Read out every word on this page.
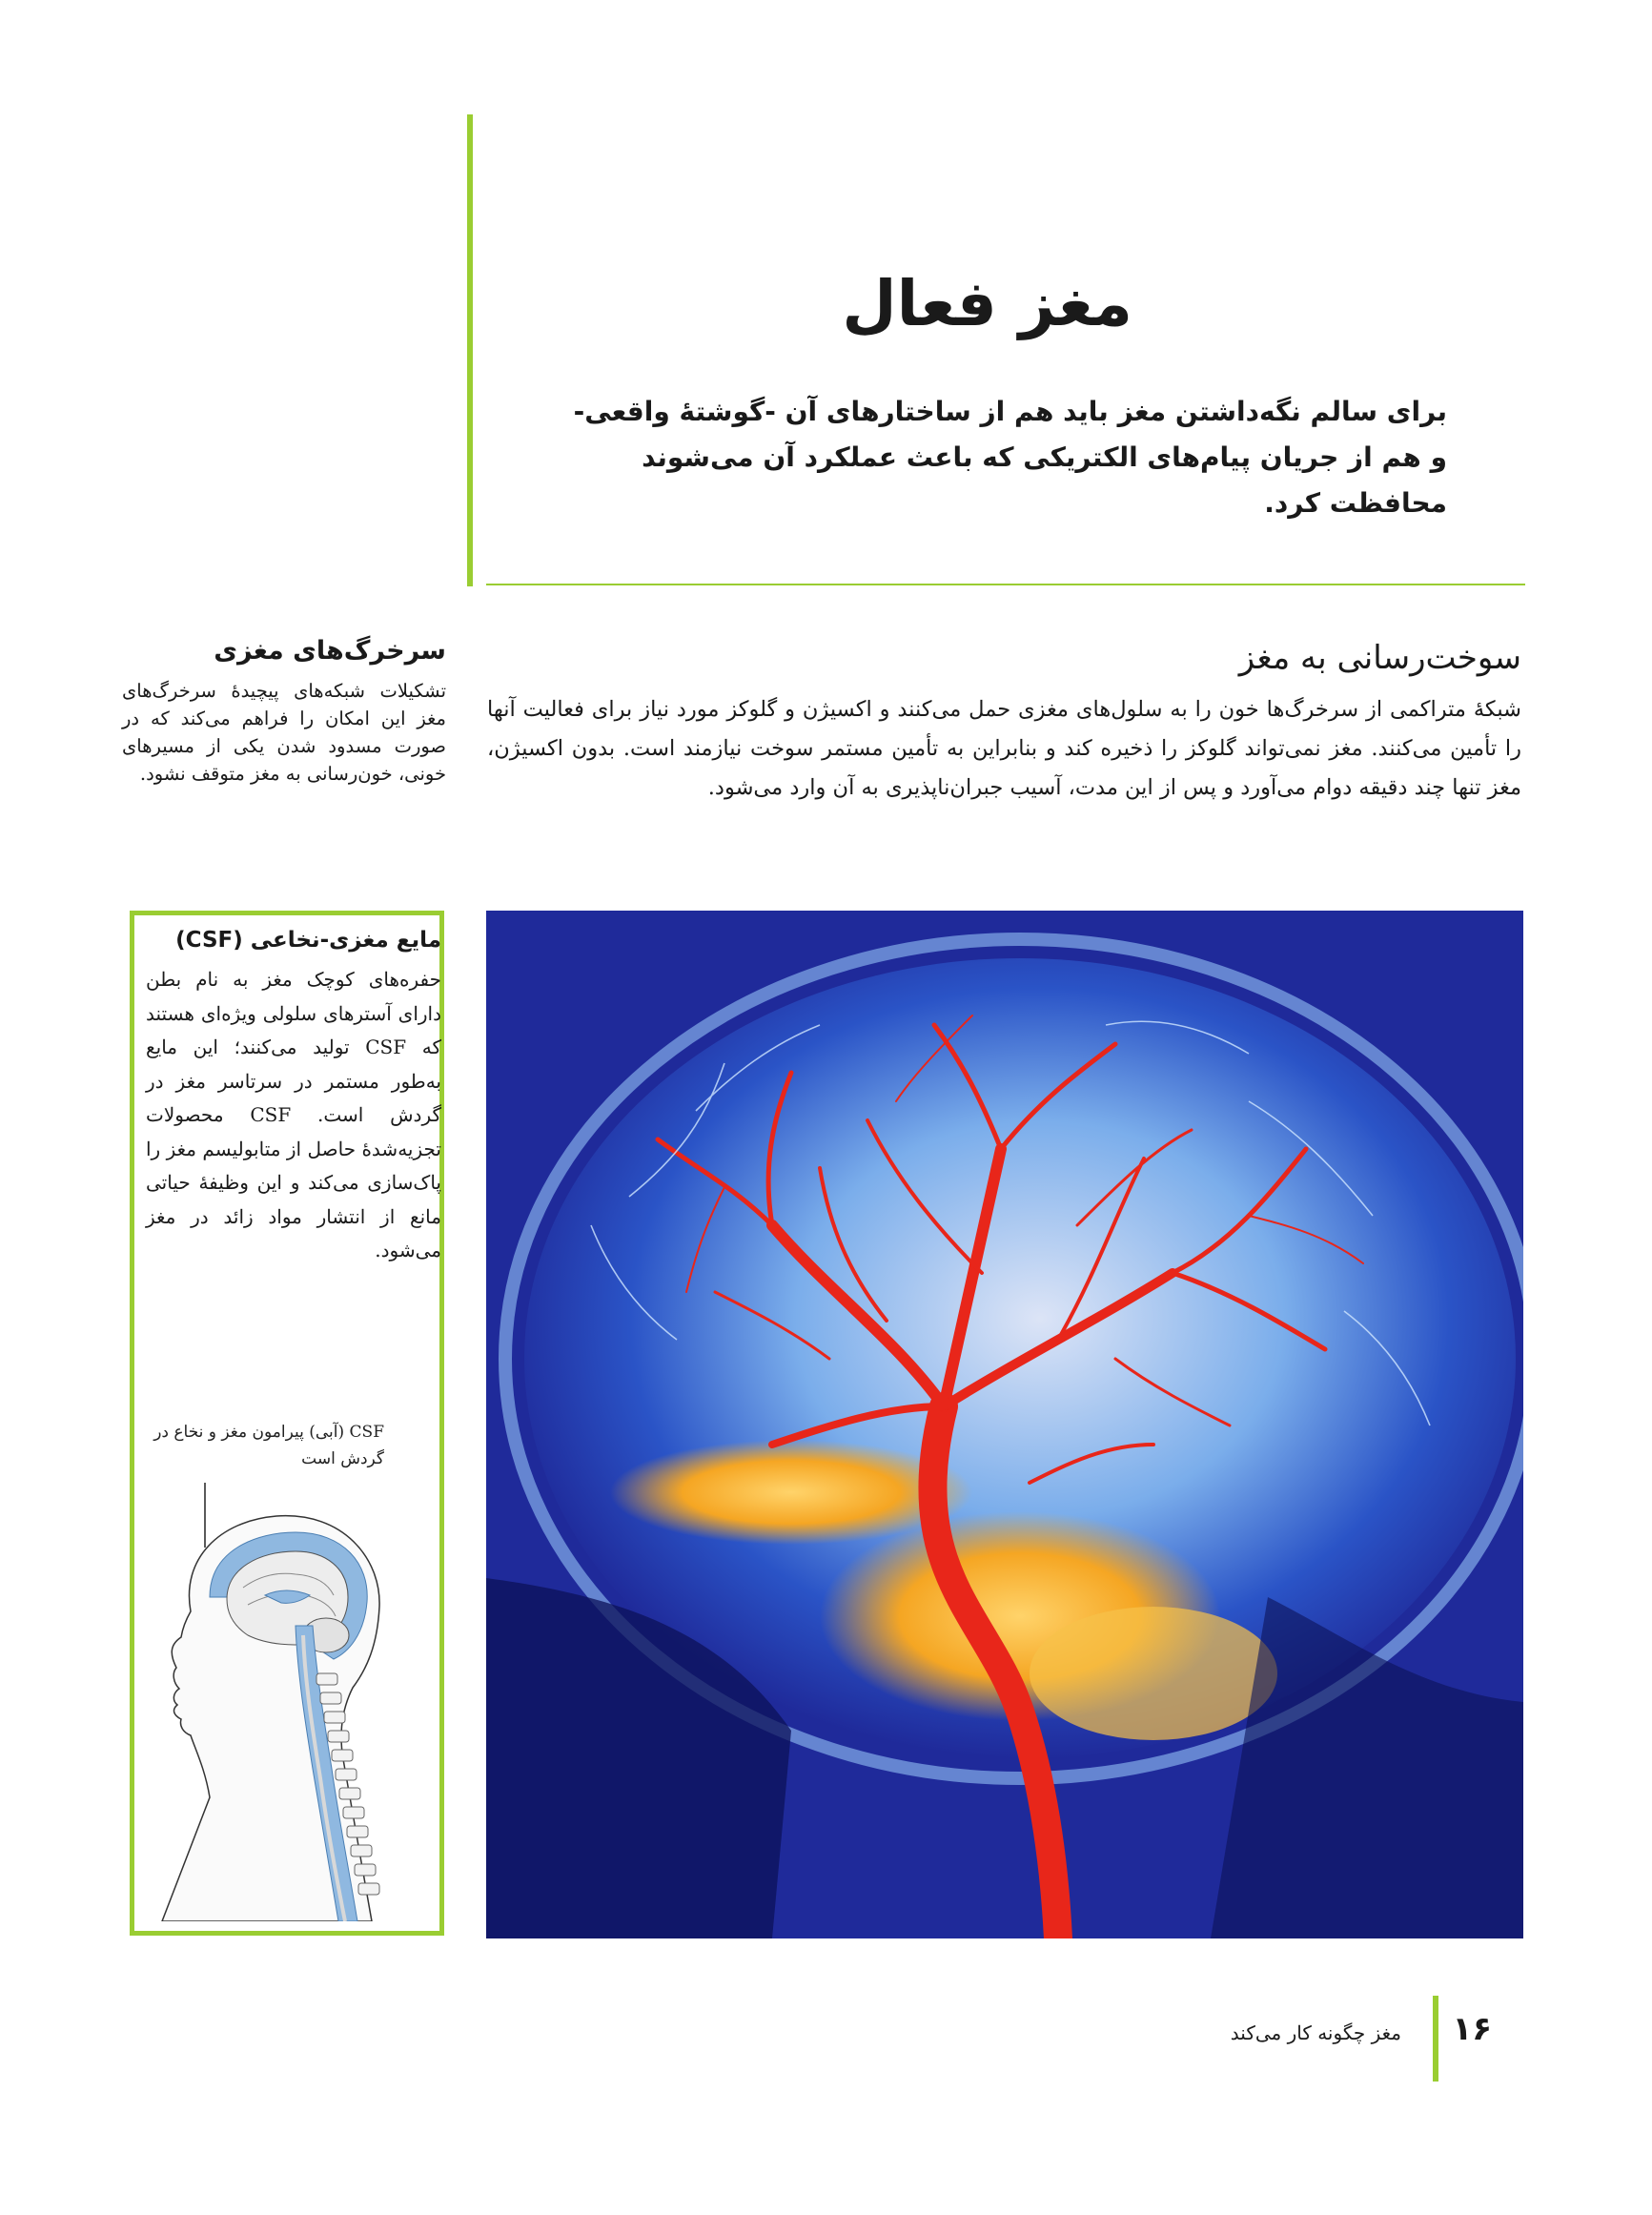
مغز فعال

برای سالم نگه‌داشتن مغز باید هم از ساختارهای آن -گوشتهٔ واقعی- و هم از جریان پیام‌های الکتریکی که باعث عملکرد آن می‌شوند محافظت کرد.

سوخت‌رسانی به مغز

شبکهٔ متراکمی از سرخرگ‌ها خون را به سلول‌های مغزی حمل می‌کنند و اکسیژن و گلوکز مورد نیاز برای فعالیت آنها را تأمین می‌کنند. مغز نمی‌تواند گلوکز را ذخیره کند و بنابراین به تأمین مستمر سوخت نیازمند است. بدون اکسیژن، مغز تنها چند دقیقه دوام می‌آورد و پس از این مدت، آسیب جبران‌ناپذیری به آن وارد می‌شود.

سرخرگ‌های مغزی

تشکیلات شبکه‌های پیچیدهٔ سرخرگ‌های مغز این امکان را فراهم می‌کند که در صورت مسدود شدن یکی از مسیرهای خونی، خون‌رسانی به مغز متوقف نشود.

مایع مغزی-نخاعی (CSF)

حفره‌های کوچک مغز به نام بطن دارای آسترهای سلولی ویژه‌ای هستند که CSF تولید می‌کنند؛ این مایع به‌طور مستمر در سرتاسر مغز در گردش است. CSF محصولات تجزیه‌شدهٔ حاصل از متابولیسم مغز را پاک‌سازی می‌کند و این وظیفهٔ حیاتی مانع از انتشار مواد زائد در مغز می‌شود.

CSF (آبی) پیرامون مغز و نخاع در گردش است

مغز چگونه کار می‌کند ۱۶
